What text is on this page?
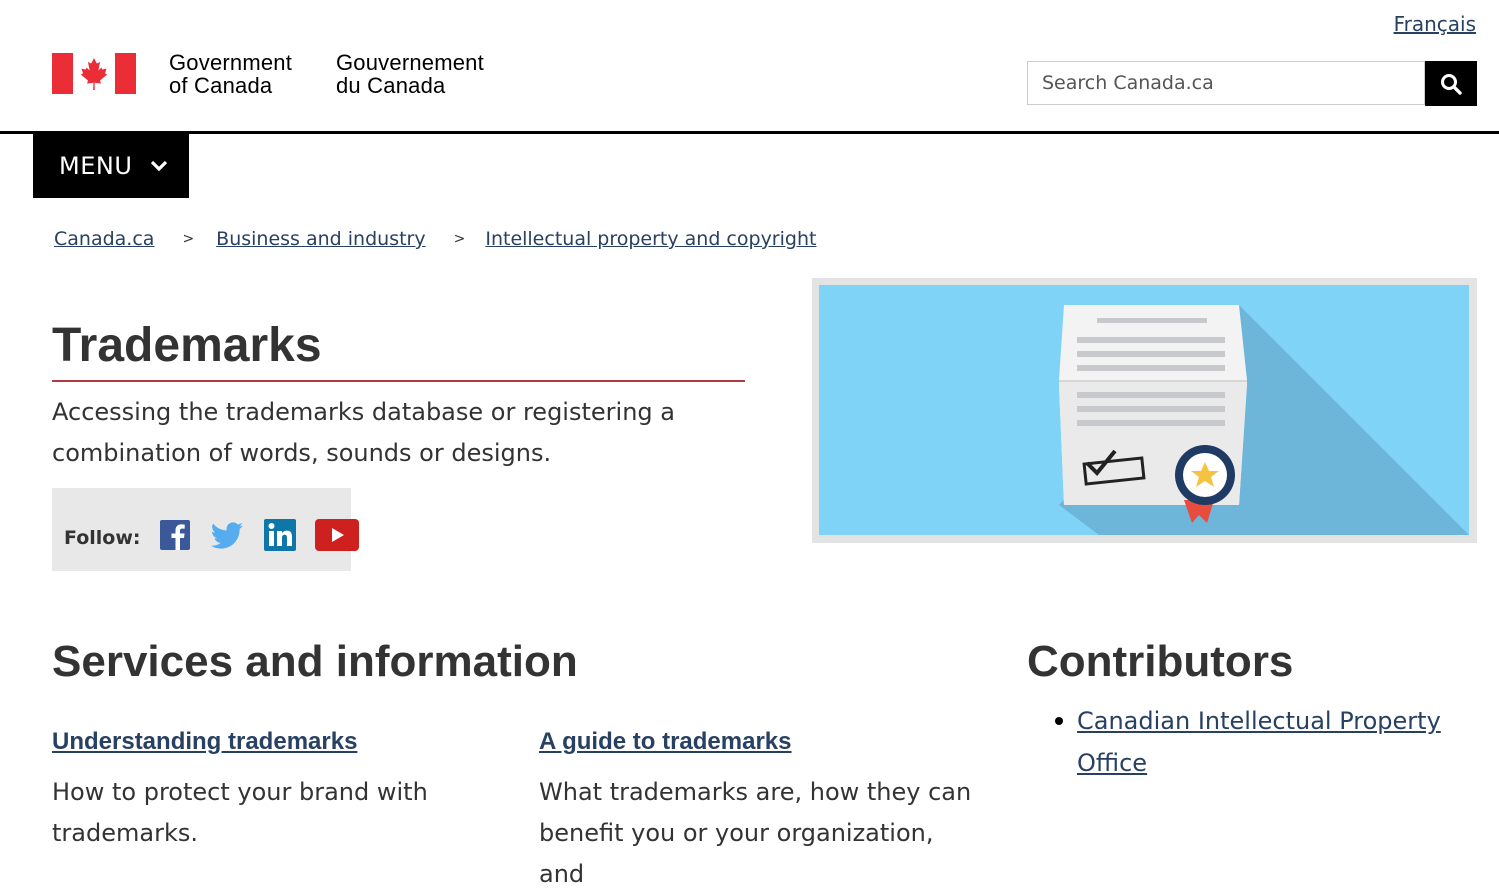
Français
Government
of Canada
Gouvernement
du Canada
Search Canada.ca
MENU
Canada.ca > Business and industry > Intellectual property and copyright
Trademarks

Accessing the trademarks database or registering a combination of words, sounds or designs.

Follow:
Services and information
Understanding trademarks

How to protect your brand with trademarks.

A guide to trademarks

What trademarks are, how they can benefit you or your organization, and

Contributors
Canadian Intellectual Property Office
